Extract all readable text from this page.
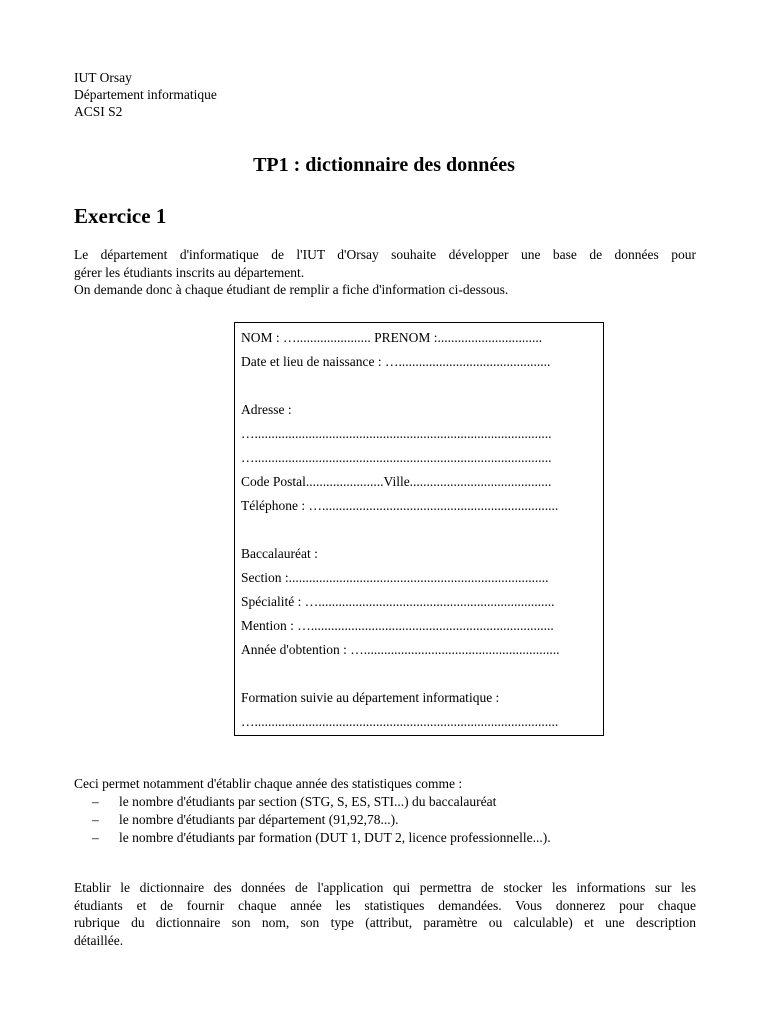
IUT Orsay
Département informatique
ACSI S2
TP1 : dictionnaire des données
Exercice 1
Le département d'informatique de l'IUT d'Orsay souhaite développer une base de données pour
gérer les étudiants inscrits au département.
On demande donc à chaque étudiant de remplir a fiche d'information ci-dessous.
NOM : …...................... PRENOM :...............................
Date et lieu de naissance : ….............................................
Adresse :
…........................................................................................
…........................................................................................
Code Postal.......................Ville..........................................
Téléphone : …......................................................................
Baccalauréat :
Section :.............................................................................
Spécialité : …......................................................................
Mention : …........................................................................
Année d'obtention : …..........................................................
Formation suivie au département informatique :
…..........................................................................................
Ceci permet notamment d'établir chaque année des statistiques comme :
– le nombre d'étudiants par section (STG, S, ES, STI...) du baccalauréat
– le nombre d'étudiants par département (91,92,78...).
– le nombre d'étudiants par formation (DUT 1, DUT 2, licence professionnelle...).
Etablir le dictionnaire des données de l'application qui permettra de stocker les informations sur les
étudiants et de fournir chaque année les statistiques demandées. Vous donnerez pour chaque
rubrique du dictionnaire son nom, son type (attribut, paramètre ou calculable) et une description
détaillée.
